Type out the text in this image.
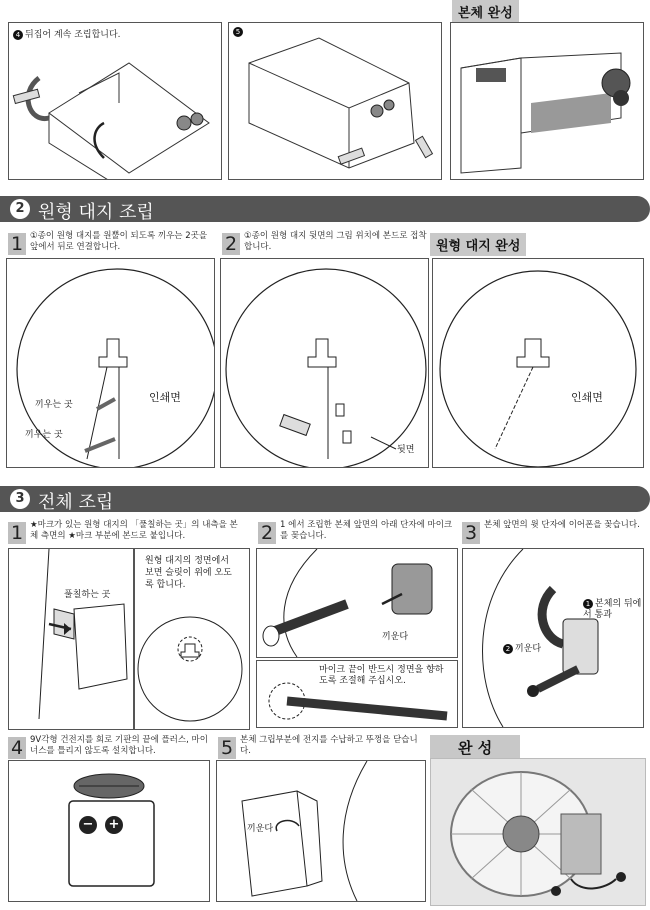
본체 완성
4 뒤집어 계속 조립합니다.	5
2 원형 대지 조립
1 ①종이 원형 대지를 원뿔이 되도록 끼우는 2곳을 앞에서 뒤로 연결합니다.	2 ①종이 원형 대지 뒷면의 그림 위치에 본드로 접착합니다.	원형 대지 완성
끼우는 곳
끼우는 곳
인쇄면
뒷면
인쇄면
3 전체 조립
1 ★마크가 있는 원형 대지의 「풀칠하는 곳」의 내측을 본체 측면의 ★마크 부분에 본드로 붙입니다.	2 1 에서 조립한 본체 앞면의 아래 단자에 마이크를 꽂습니다.	3 본체 앞면의 윗 단자에 이어폰을 꽂습니다.
풀칠하는 곳
원형 대지의 정면에서 보면 슬릿이 위에 오도록 합니다.
끼운다
마이크 끝이 반드시 정면을 향하도록 조절해 주십시오.
1 본체의 뒤에서 통과
2 끼운다
4 9V각형 건전지를 회로 기판의 끝에 플러스, 마이너스를 틀리지 않도록 설치합니다.	5 본체 그립부분에 전지를 수납하고 뚜껑을 닫습니다.	완 성
− +	끼운다
